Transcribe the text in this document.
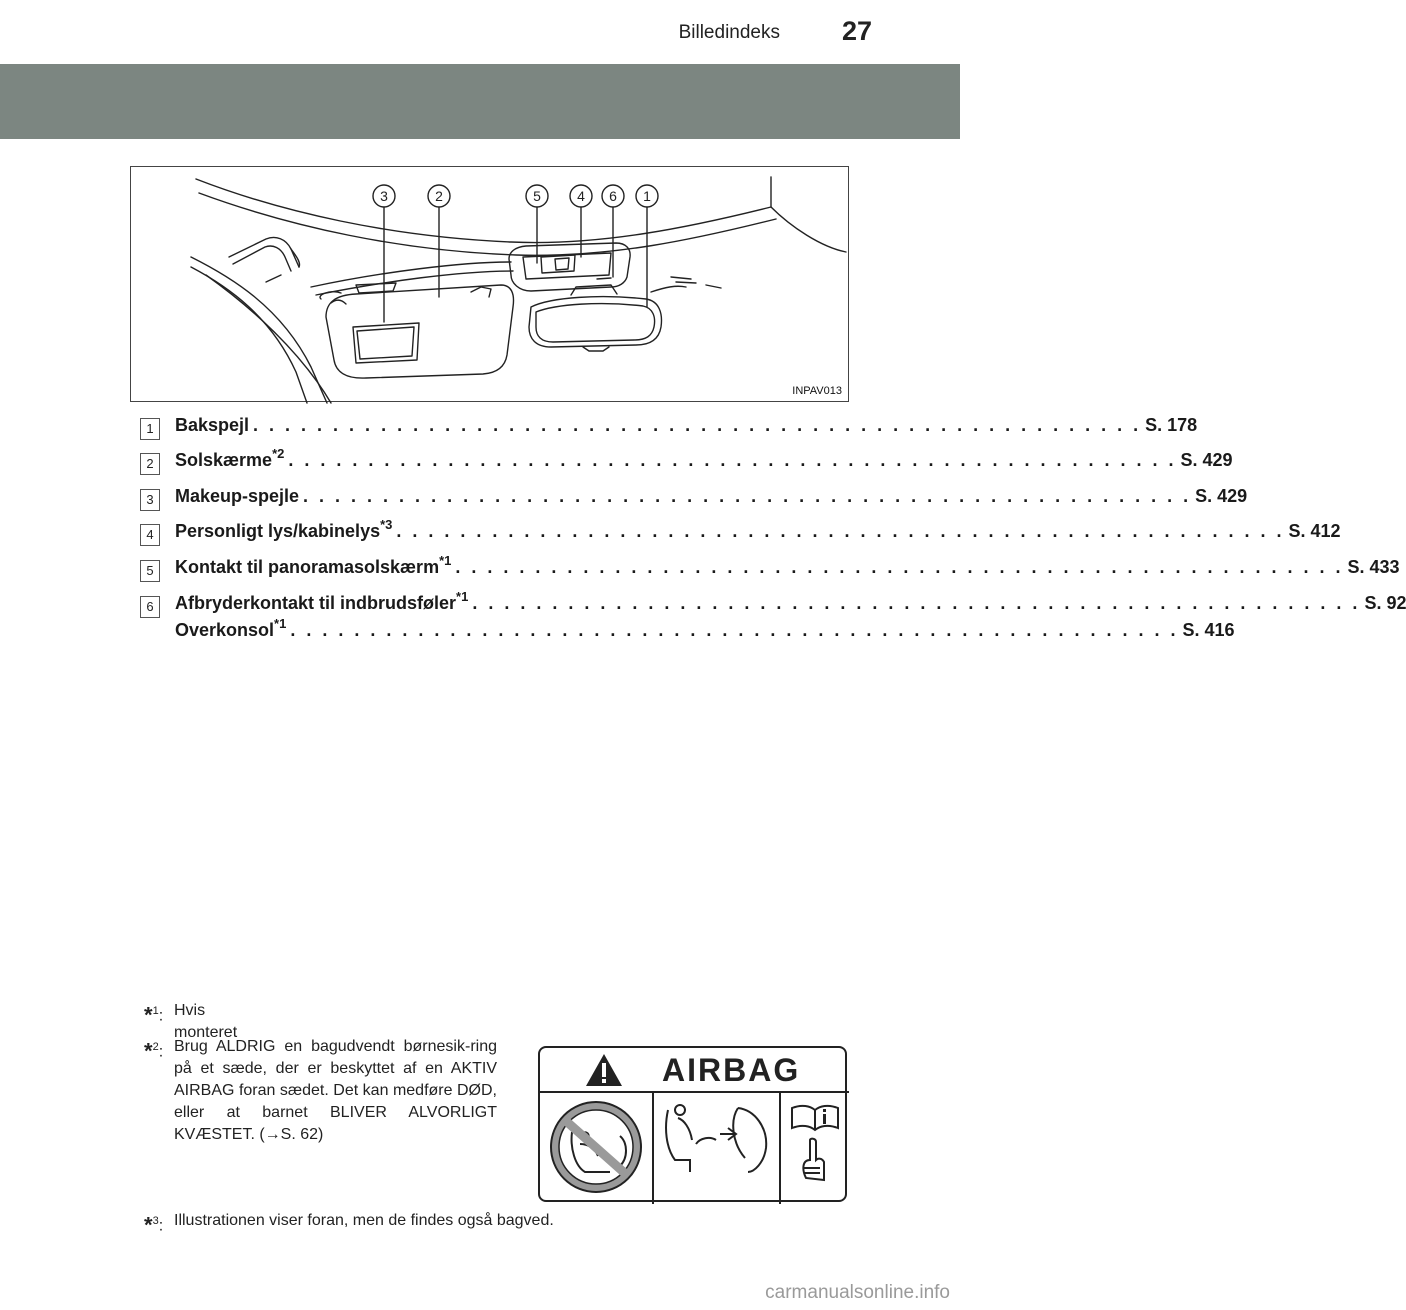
Billedindeks 27
3	2	5	4 6 1
INPAV013
1	Bakspejl . . . . . . . . . . . . . . . . . . . . . . . . . . . . . . . . . . . . . . . . . . . . . . . . . . . . . . . . S. 178
2	Solskærme$^{*2}$ . . . . . . . . . . . . . . . . . . . . . . . . . . . . . . . . . . . . . . . . . . . . . . . . . . . . . . . . S. 429
3	Makeup-spejle . . . . . . . . . . . . . . . . . . . . . . . . . . . . . . . . . . . . . . . . . . . . . . . . . . . . . . . . S. 429
4	Personligt lys/kabinelys$^{*3}$ . . . . . . . . . . . . . . . . . . . . . . . . . . . . . . . . . . . . . . . . . . . . . . . . . . . . . . . . S. 412
5	Kontakt til panoramasolskærm$^{*1}$ . . . . . . . . . . . . . . . . . . . . . . . . . . . . . . . . . . . . . . . . . . . . . . . . . . . . . . . . S. 433
6	Afbryderkontakt til indbrudsføler$^{*1}$ . . . . . . . . . . . . . . . . . . . . . . . . . . . . . . . . . . . . . . . . . . . . . . . . . . . . . . . . S. 92
Overkonsol$^{*1}$ . . . . . . . . . . . . . . . . . . . . . . . . . . . . . . . . . . . . . . . . . . . . . . . . . . . . . . . . S. 416
*$^1$: Hvis monteret
*$^2$: Brug ALDRIG en bagudvendt børnesik-ring på et sæde, der er beskyttet af en AKTIV AIRBAG foran sædet. Det kan medføre DØD, eller at barnet BLIVER ALVORLIGT KVÆSTET. (→S. 62)
*$^3$: Illustrationen viser foran, men de findes også bagved.
AIRBAG
carmanualsonline.info
